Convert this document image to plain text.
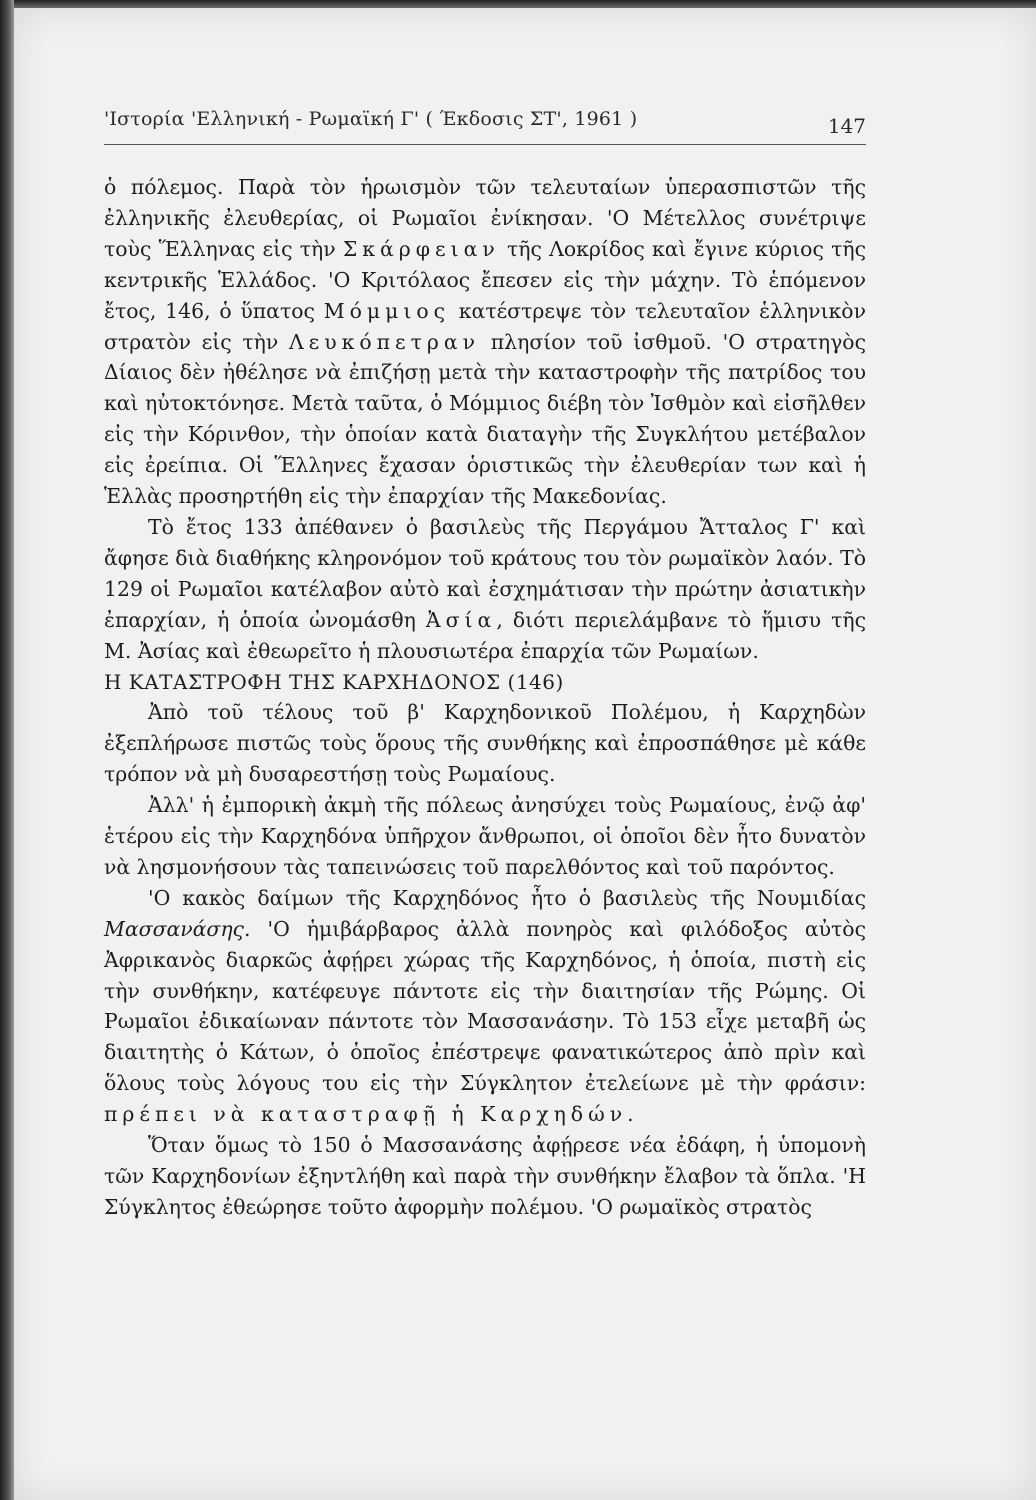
'Ιστορία 'Ελληνική - Ρωμαϊκή Γ' ( Έκδοσις ΣΤ', 1961 )	147

ὁ πόλεμος. Παρὰ τὸν ἡρωισμὸν τῶν τελευταίων ὑπερασπιστῶν τῆς ἐλληνικῆς ἐλευθερίας, οἱ Ρωμαῖοι ἐνίκησαν. 'Ο Μέτελλος συνέτριψε τοὺς Ἕλληνας εἰς τὴν Σκάρφειαν τῆς Λοκρίδος καὶ ἔγινε κύριος τῆς κεντρικῆς Ἑλλάδος. 'Ο Κριτόλαος ἔπεσεν εἰς τὴν μάχην. Τὸ ἑπόμενον ἔτος, 146, ὁ ὕπατος Μόμμιος κατέστρεψε τὸν τελευταῖον ἑλληνικὸν στρατὸν εἰς τὴν Λευκόπετραν πλησίον τοῦ ἰσθμοῦ. 'Ο στρατηγὸς Δίαιος δὲν ἠθέλησε νὰ ἐπιζήσῃ μετὰ τὴν καταστροφὴν τῆς πατρίδος του καὶ ηὐτοκτόνησε. Μετὰ ταῦτα, ὁ Μόμμιος διέβη τὸν Ἰσθμὸν καὶ εἰσῆλθεν εἰς τὴν Κόρινθον, τὴν ὁποίαν κατὰ διαταγὴν τῆς Συγκλήτου μετέβαλον εἰς ἐρείπια. Οἱ Ἕλληνες ἔχασαν ὁριστικῶς τὴν ἐλευθερίαν των καὶ ἡ Ἑλλὰς προσηρτήθη εἰς τὴν ἐπαρχίαν τῆς Μακεδονίας.

Τὸ ἔτος 133 ἀπέθανεν ὁ βασιλεὺς τῆς Περγάμου Ἄτταλος Γ' καὶ ἄφησε διὰ διαθήκης κληρονόμον τοῦ κράτους του τὸν ρωμαϊκὸν λαόν. Τὸ 129 οἱ Ρωμαῖοι κατέλαβον αὐτὸ καὶ ἐσχημάτισαν τὴν πρώτην ἀσιατικὴν ἐπαρχίαν, ἡ ὁποία ὠνομάσθη Ἀσία, διότι περιελάμβανε τὸ ἥμισυ τῆς Μ. Ἀσίας καὶ ἐθεωρεῖτο ἡ πλουσιωτέρα ἐπαρχία τῶν Ρωμαίων.

Η ΚΑΤΑΣΤΡΟΦΗ ΤΗΣ ΚΑΡΧΗΔΟΝΟΣ (146)

Ἀπὸ τοῦ τέλους τοῦ β' Καρχηδονικοῦ Πολέμου, ἡ Καρχηδὼν ἐξεπλήρωσε πιστῶς τοὺς ὅρους τῆς συνθήκης καὶ ἐπροσπάθησε μὲ κάθε τρόπον νὰ μὴ δυσαρεστήσῃ τοὺς Ρωμαίους.

Ἀλλ' ἡ ἐμπορικὴ ἀκμὴ τῆς πόλεως ἀνησύχει τοὺς Ρωμαίους, ἐνῷ ἀφ' ἑτέρου εἰς τὴν Καρχηδόνα ὑπῆρχον ἄνθρωποι, οἱ ὁποῖοι δὲν ἦτο δυνατὸν νὰ λησμονήσουν τὰς ταπεινώσεις τοῦ παρελθόντος καὶ τοῦ παρόντος.

'Ο κακὸς δαίμων τῆς Καρχηδόνος ἦτο ὁ βασιλεὺς τῆς Νουμιδίας Μασσανάσης. 'Ο ἡμιβάρβαρος ἀλλὰ πονηρὸς καὶ φιλόδοξος αὐτὸς Ἀφρικανὸς διαρκῶς ἀφῄρει χώρας τῆς Καρχηδόνος, ἡ ὁποία, πιστὴ εἰς τὴν συνθήκην, κατέφευγε πάντοτε εἰς τὴν διαιτησίαν τῆς Ρώμης. Οἱ Ρωμαῖοι ἐδικαίωναν πάντοτε τὸν Μασσανάσην. Τὸ 153 εἶχε μεταβῆ ὡς διαιτητὴς ὁ Κάτων, ὁ ὁποῖος ἐπέστρεψε φανατικώτερος ἀπὸ πρὶν καὶ ὅλους τοὺς λόγους του εἰς τὴν Σύγκλητον ἐτελείωνε μὲ τὴν φράσιν: πρέπει νὰ καταστραφῇ ἡ Καρχηδών.

Ὅταν ὅμως τὸ 150 ὁ Μασσανάσης ἀφῄρεσε νέα ἐδάφη, ἡ ὑπομονὴ τῶν Καρχηδονίων ἐξηντλήθη καὶ παρὰ τὴν συνθήκην ἔλαβον τὰ ὅπλα. 'Η Σύγκλητος ἐθεώρησε τοῦτο ἀφορμὴν πολέμου. 'Ο ρωμαϊκὸς στρατὸς
